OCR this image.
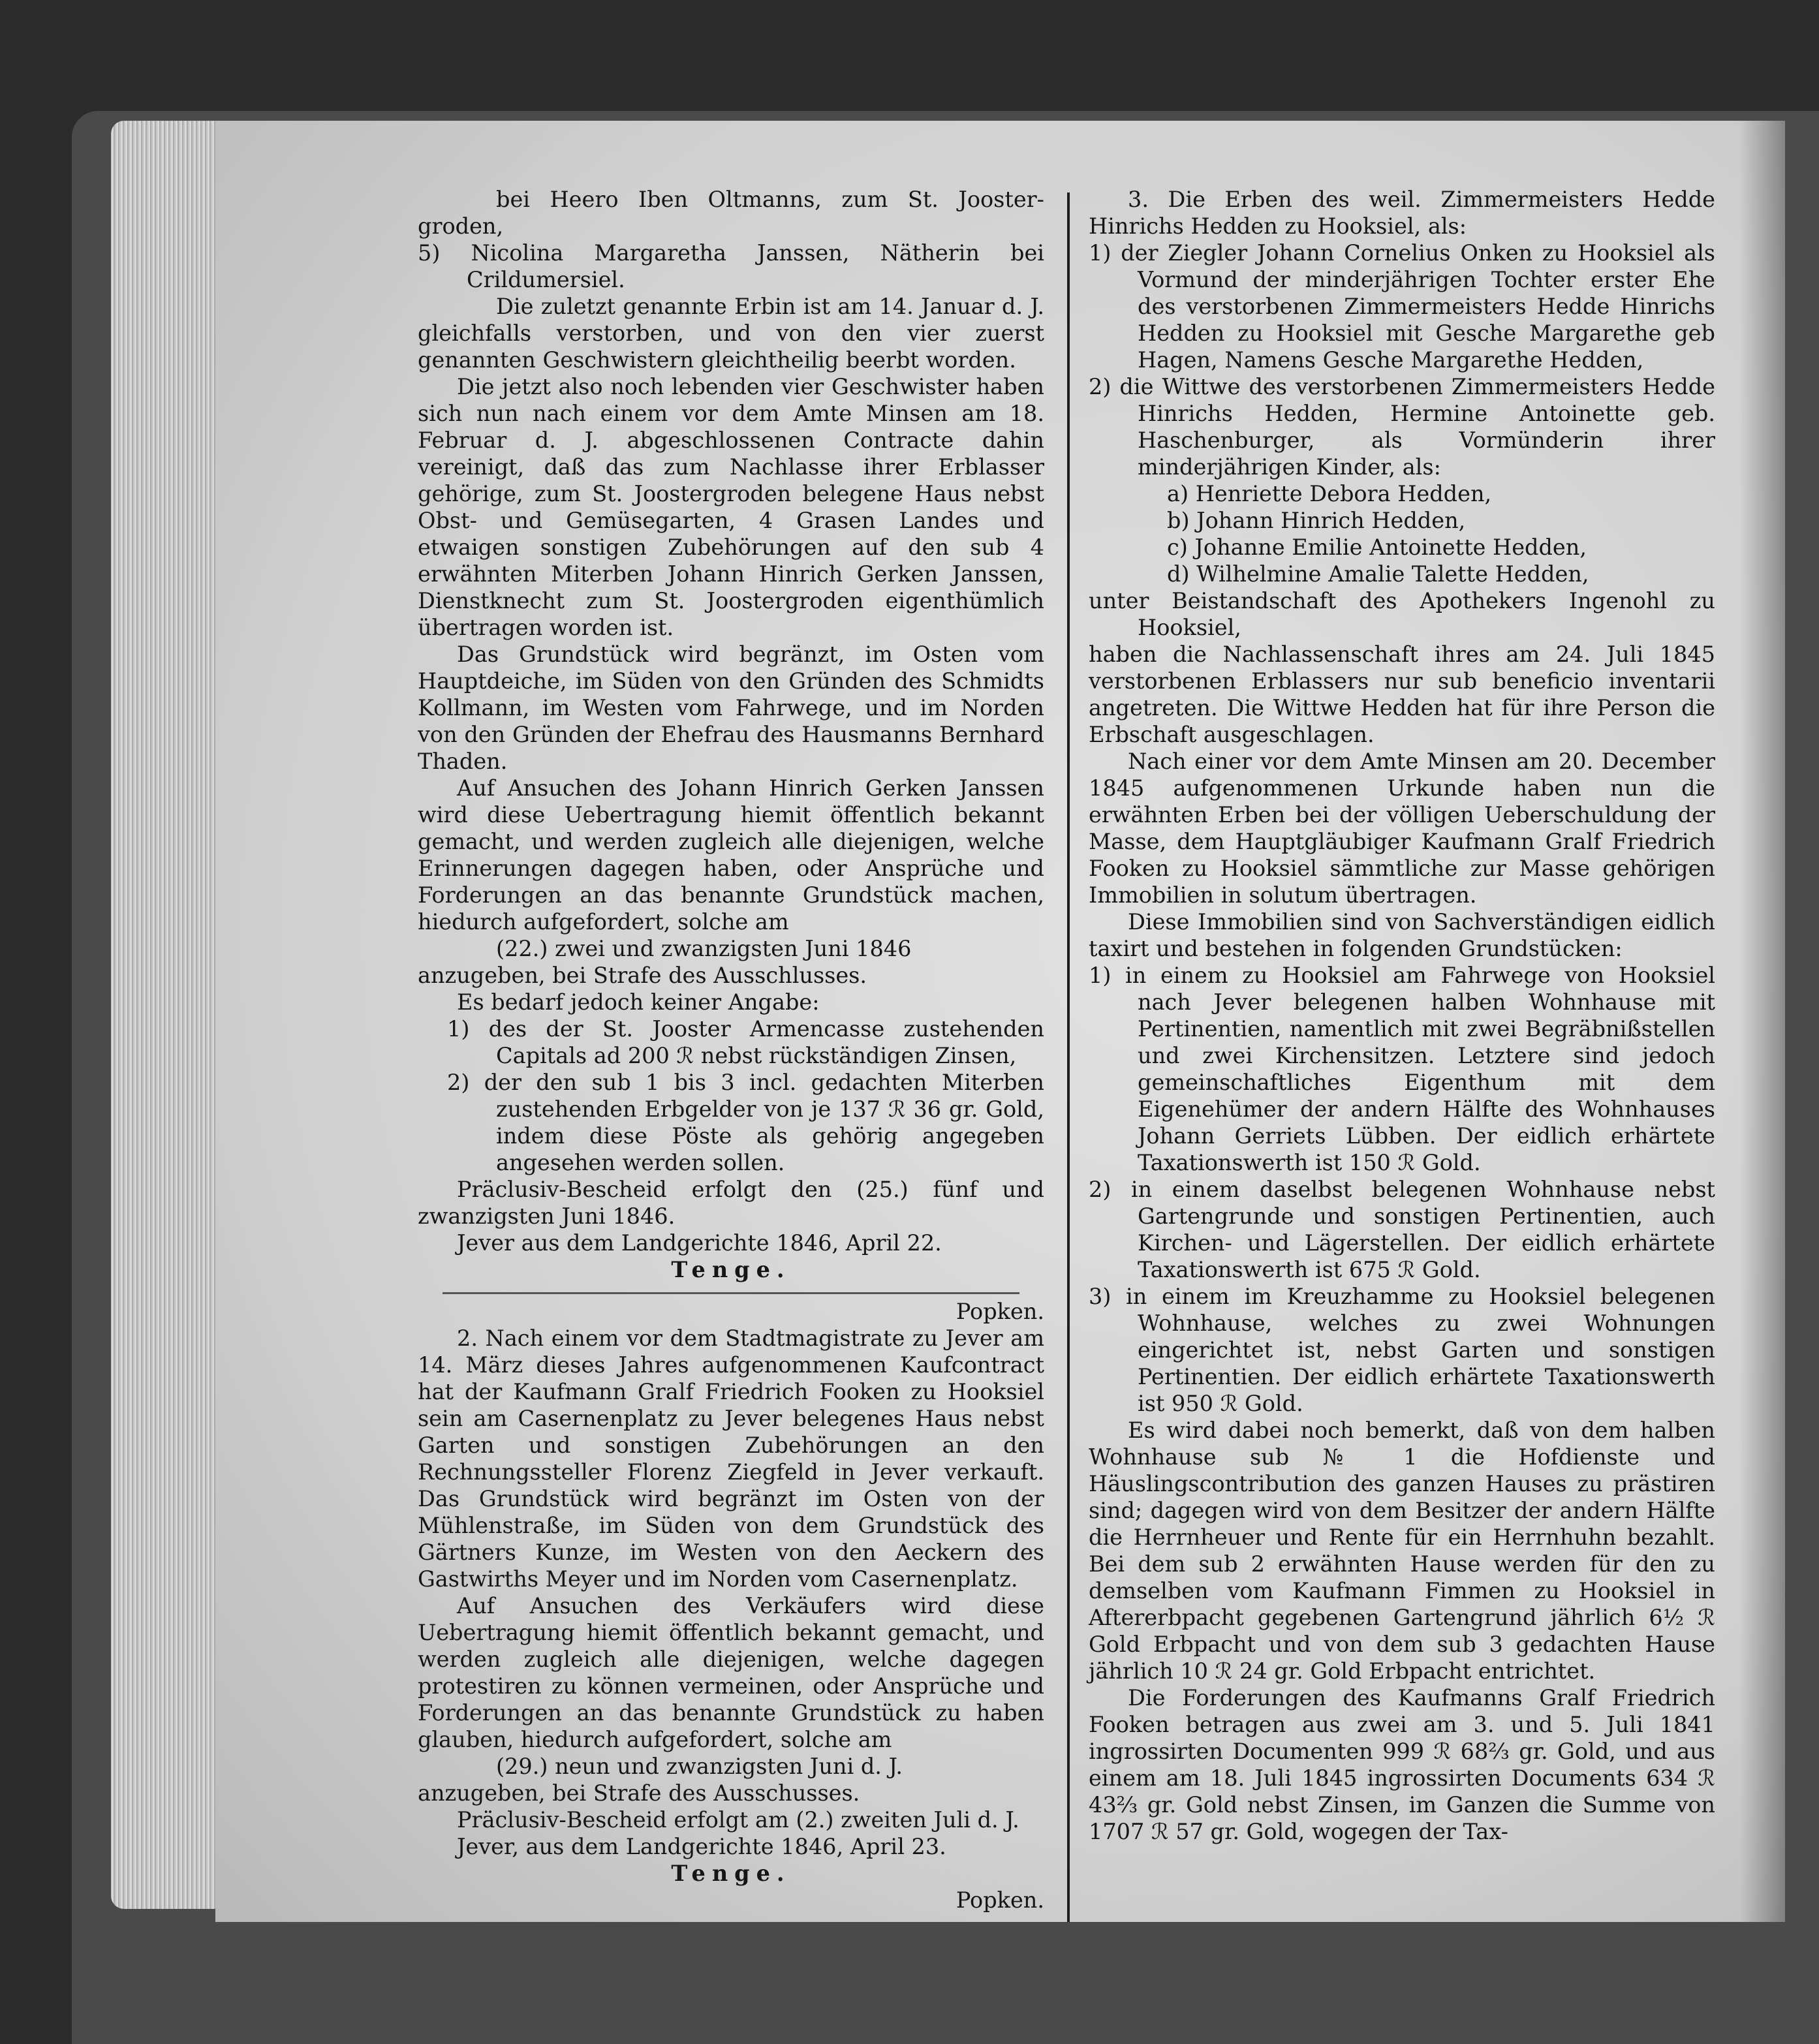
bei Heero Iben Oltmanns, zum St. Jooster-groden,

5) Nicolina Margaretha Janssen, Nätherin bei Crildumersiel.

Die zuletzt genannte Erbin ist am 14. Januar d. J. gleichfalls verstorben, und von den vier zuerst genannten Geschwistern gleichtheilig beerbt worden.

Die jetzt also noch lebenden vier Geschwister haben sich nun nach einem vor dem Amte Minsen am 18. Februar d. J. abgeschlossenen Contracte dahin vereinigt, daß das zum Nachlasse ihrer Erblasser gehörige, zum St. Joostergroden belegene Haus nebst Obst- und Gemüsegarten, 4 Grasen Landes und etwaigen sonstigen Zubehörungen auf den sub 4 erwähnten Miterben Johann Hinrich Gerken Janssen, Dienstknecht zum St. Joostergroden eigenthümlich übertragen worden ist.

Das Grundstück wird begränzt, im Osten vom Hauptdeiche, im Süden von den Gründen des Schmidts Kollmann, im Westen vom Fahrwege, und im Norden von den Gründen der Ehefrau des Hausmanns Bernhard Thaden.

Auf Ansuchen des Johann Hinrich Gerken Janssen wird diese Uebertragung hiemit öffentlich bekannt gemacht, und werden zugleich alle diejenigen, welche Erinnerungen dagegen haben, oder Ansprüche und Forderungen an das benannte Grundstück machen, hiedurch aufgefordert, solche am

(22.) zwei und zwanzigsten Juni 1846

anzugeben, bei Strafe des Ausschlusses.

Es bedarf jedoch keiner Angabe:

1) des der St. Jooster Armencasse zustehenden Capitals ad 200 ℛ nebst rückständigen Zinsen,

2) der den sub 1 bis 3 incl. gedachten Miterben zustehenden Erbgelder von je 137 ℛ 36 gr. Gold, indem diese Pöste als gehörig angegeben angesehen werden sollen.

Präclusiv-Bescheid erfolgt den (25.) fünf und zwanzigsten Juni 1846.

Jever aus dem Landgerichte 1846, April 22.

Tenge.

Popken.

2. Nach einem vor dem Stadtmagistrate zu Jever am 14. März dieses Jahres aufgenommenen Kaufcontract hat der Kaufmann Gralf Friedrich Fooken zu Hooksiel sein am Casernenplatz zu Jever belegenes Haus nebst Garten und sonstigen Zubehörungen an den Rechnungssteller Florenz Ziegfeld in Jever verkauft. Das Grundstück wird begränzt im Osten von der Mühlenstraße, im Süden von dem Grundstück des Gärtners Kunze, im Westen von den Aeckern des Gastwirths Meyer und im Norden vom Casernenplatz.

Auf Ansuchen des Verkäufers wird diese Uebertragung hiemit öffentlich bekannt gemacht, und werden zugleich alle diejenigen, welche dagegen protestiren zu können vermeinen, oder Ansprüche und Forderungen an das benannte Grundstück zu haben glauben, hiedurch aufgefordert, solche am

(29.) neun und zwanzigsten Juni d. J.

anzugeben, bei Strafe des Ausschusses.

Präclusiv-Bescheid erfolgt am (2.) zweiten Juli d. J.

Jever, aus dem Landgerichte 1846, April 23.

Tenge.

Popken.

3. Die Erben des weil. Zimmermeisters Hedde Hinrichs Hedden zu Hooksiel, als:

1) der Ziegler Johann Cornelius Onken zu Hooksiel als Vormund der minderjährigen Tochter erster Ehe des verstorbenen Zimmermeisters Hedde Hinrichs Hedden zu Hooksiel mit Gesche Margarethe geb Hagen, Namens Gesche Margarethe Hedden,

2) die Wittwe des verstorbenen Zimmermeisters Hedde Hinrichs Hedden, Hermine Antoinette geb. Haschenburger, als Vormünderin ihrer minderjährigen Kinder, als:

a) Henriette Debora Hedden,

b) Johann Hinrich Hedden,

c) Johanne Emilie Antoinette Hedden,

d) Wilhelmine Amalie Talette Hedden,

unter Beistandschaft des Apothekers Ingenohl zu Hooksiel,

haben die Nachlassenschaft ihres am 24. Juli 1845 verstorbenen Erblassers nur sub beneficio inventarii angetreten. Die Wittwe Hedden hat für ihre Person die Erbschaft ausgeschlagen.

Nach einer vor dem Amte Minsen am 20. December 1845 aufgenommenen Urkunde haben nun die erwähnten Erben bei der völligen Ueberschuldung der Masse, dem Hauptgläubiger Kaufmann Gralf Friedrich Fooken zu Hooksiel sämmtliche zur Masse gehörigen Immobilien in solutum übertragen.

Diese Immobilien sind von Sachverständigen eidlich taxirt und bestehen in folgenden Grundstücken:

1) in einem zu Hooksiel am Fahrwege von Hooksiel nach Jever belegenen halben Wohnhause mit Pertinentien, namentlich mit zwei Begräbnißstellen und zwei Kirchensitzen. Letztere sind jedoch gemeinschaftliches Eigenthum mit dem Eigenehümer der andern Hälfte des Wohnhauses Johann Gerriets Lübben. Der eidlich erhärtete Taxationswerth ist 150 ℛ Gold.

2) in einem daselbst belegenen Wohnhause nebst Gartengrunde und sonstigen Pertinentien, auch Kirchen- und Lägerstellen. Der eidlich erhärtete Taxationswerth ist 675 ℛ Gold.

3) in einem im Kreuzhamme zu Hooksiel belegenen Wohnhause, welches zu zwei Wohnungen eingerichtet ist, nebst Garten und sonstigen Pertinentien. Der eidlich erhärtete Taxationswerth ist 950 ℛ Gold.

Es wird dabei noch bemerkt, daß von dem halben Wohnhause sub № 1 die Hofdienste und Häuslingscontribution des ganzen Hauses zu prästiren sind; dagegen wird von dem Besitzer der andern Hälfte die Herrnheuer und Rente für ein Herrnhuhn bezahlt. Bei dem sub 2 erwähnten Hause werden für den zu demselben vom Kaufmann Fimmen zu Hooksiel in Aftererbpacht gegebenen Gartengrund jährlich 6½ ℛ Gold Erbpacht und von dem sub 3 gedachten Hause jährlich 10 ℛ 24 gr. Gold Erbpacht entrichtet.

Die Forderungen des Kaufmanns Gralf Friedrich Fooken betragen aus zwei am 3. und 5. Juli 1841 ingrossirten Documenten 999 ℛ 68⅔ gr. Gold, und aus einem am 18. Juli 1845 ingrossirten Documents 634 ℛ 43⅔ gr. Gold nebst Zinsen, im Ganzen die Summe von 1707 ℛ 57 gr. Gold, wogegen der Tax-
